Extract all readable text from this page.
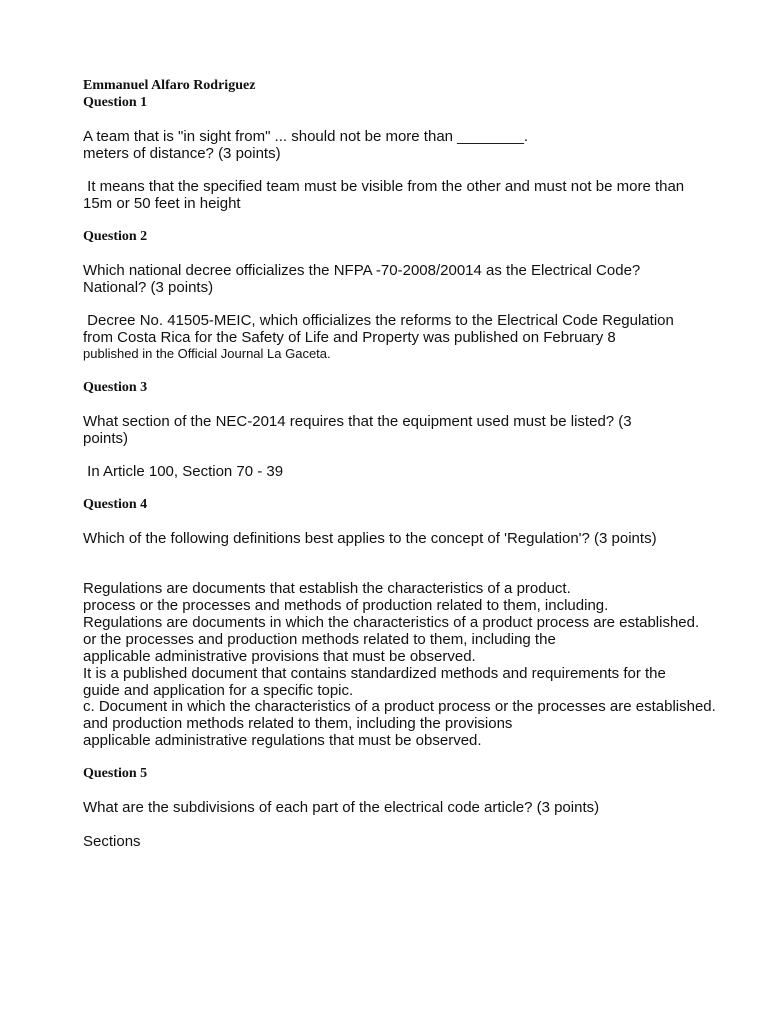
Emmanuel Alfaro Rodriguez
Question 1
A team that is "in sight from" ... should not be more than ________.
meters of distance? (3 points)
It means that the specified team must be visible from the other and must not be more than
15m or 50 feet in height
Question 2
Which national decree officializes the NFPA -70-2008/20014 as the Electrical Code?
National? (3 points)
Decree No. 41505-MEIC, which officializes the reforms to the Electrical Code Regulation
from Costa Rica for the Safety of Life and Property was published on February 8
published in the Official Journal La Gaceta.
Question 3
What section of the NEC-2014 requires that the equipment used must be listed? (3
points)
In Article 100, Section 70 - 39
Question 4
Which of the following definitions best applies to the concept of 'Regulation'? (3 points)
Regulations are documents that establish the characteristics of a product.
process or the processes and methods of production related to them, including.
Regulations are documents in which the characteristics of a product process are established.
or the processes and production methods related to them, including the
applicable administrative provisions that must be observed.
It is a published document that contains standardized methods and requirements for the
guide and application for a specific topic.
c. Document in which the characteristics of a product process or the processes are established.
and production methods related to them, including the provisions
applicable administrative regulations that must be observed.
Question 5
What are the subdivisions of each part of the electrical code article? (3 points)
Sections
